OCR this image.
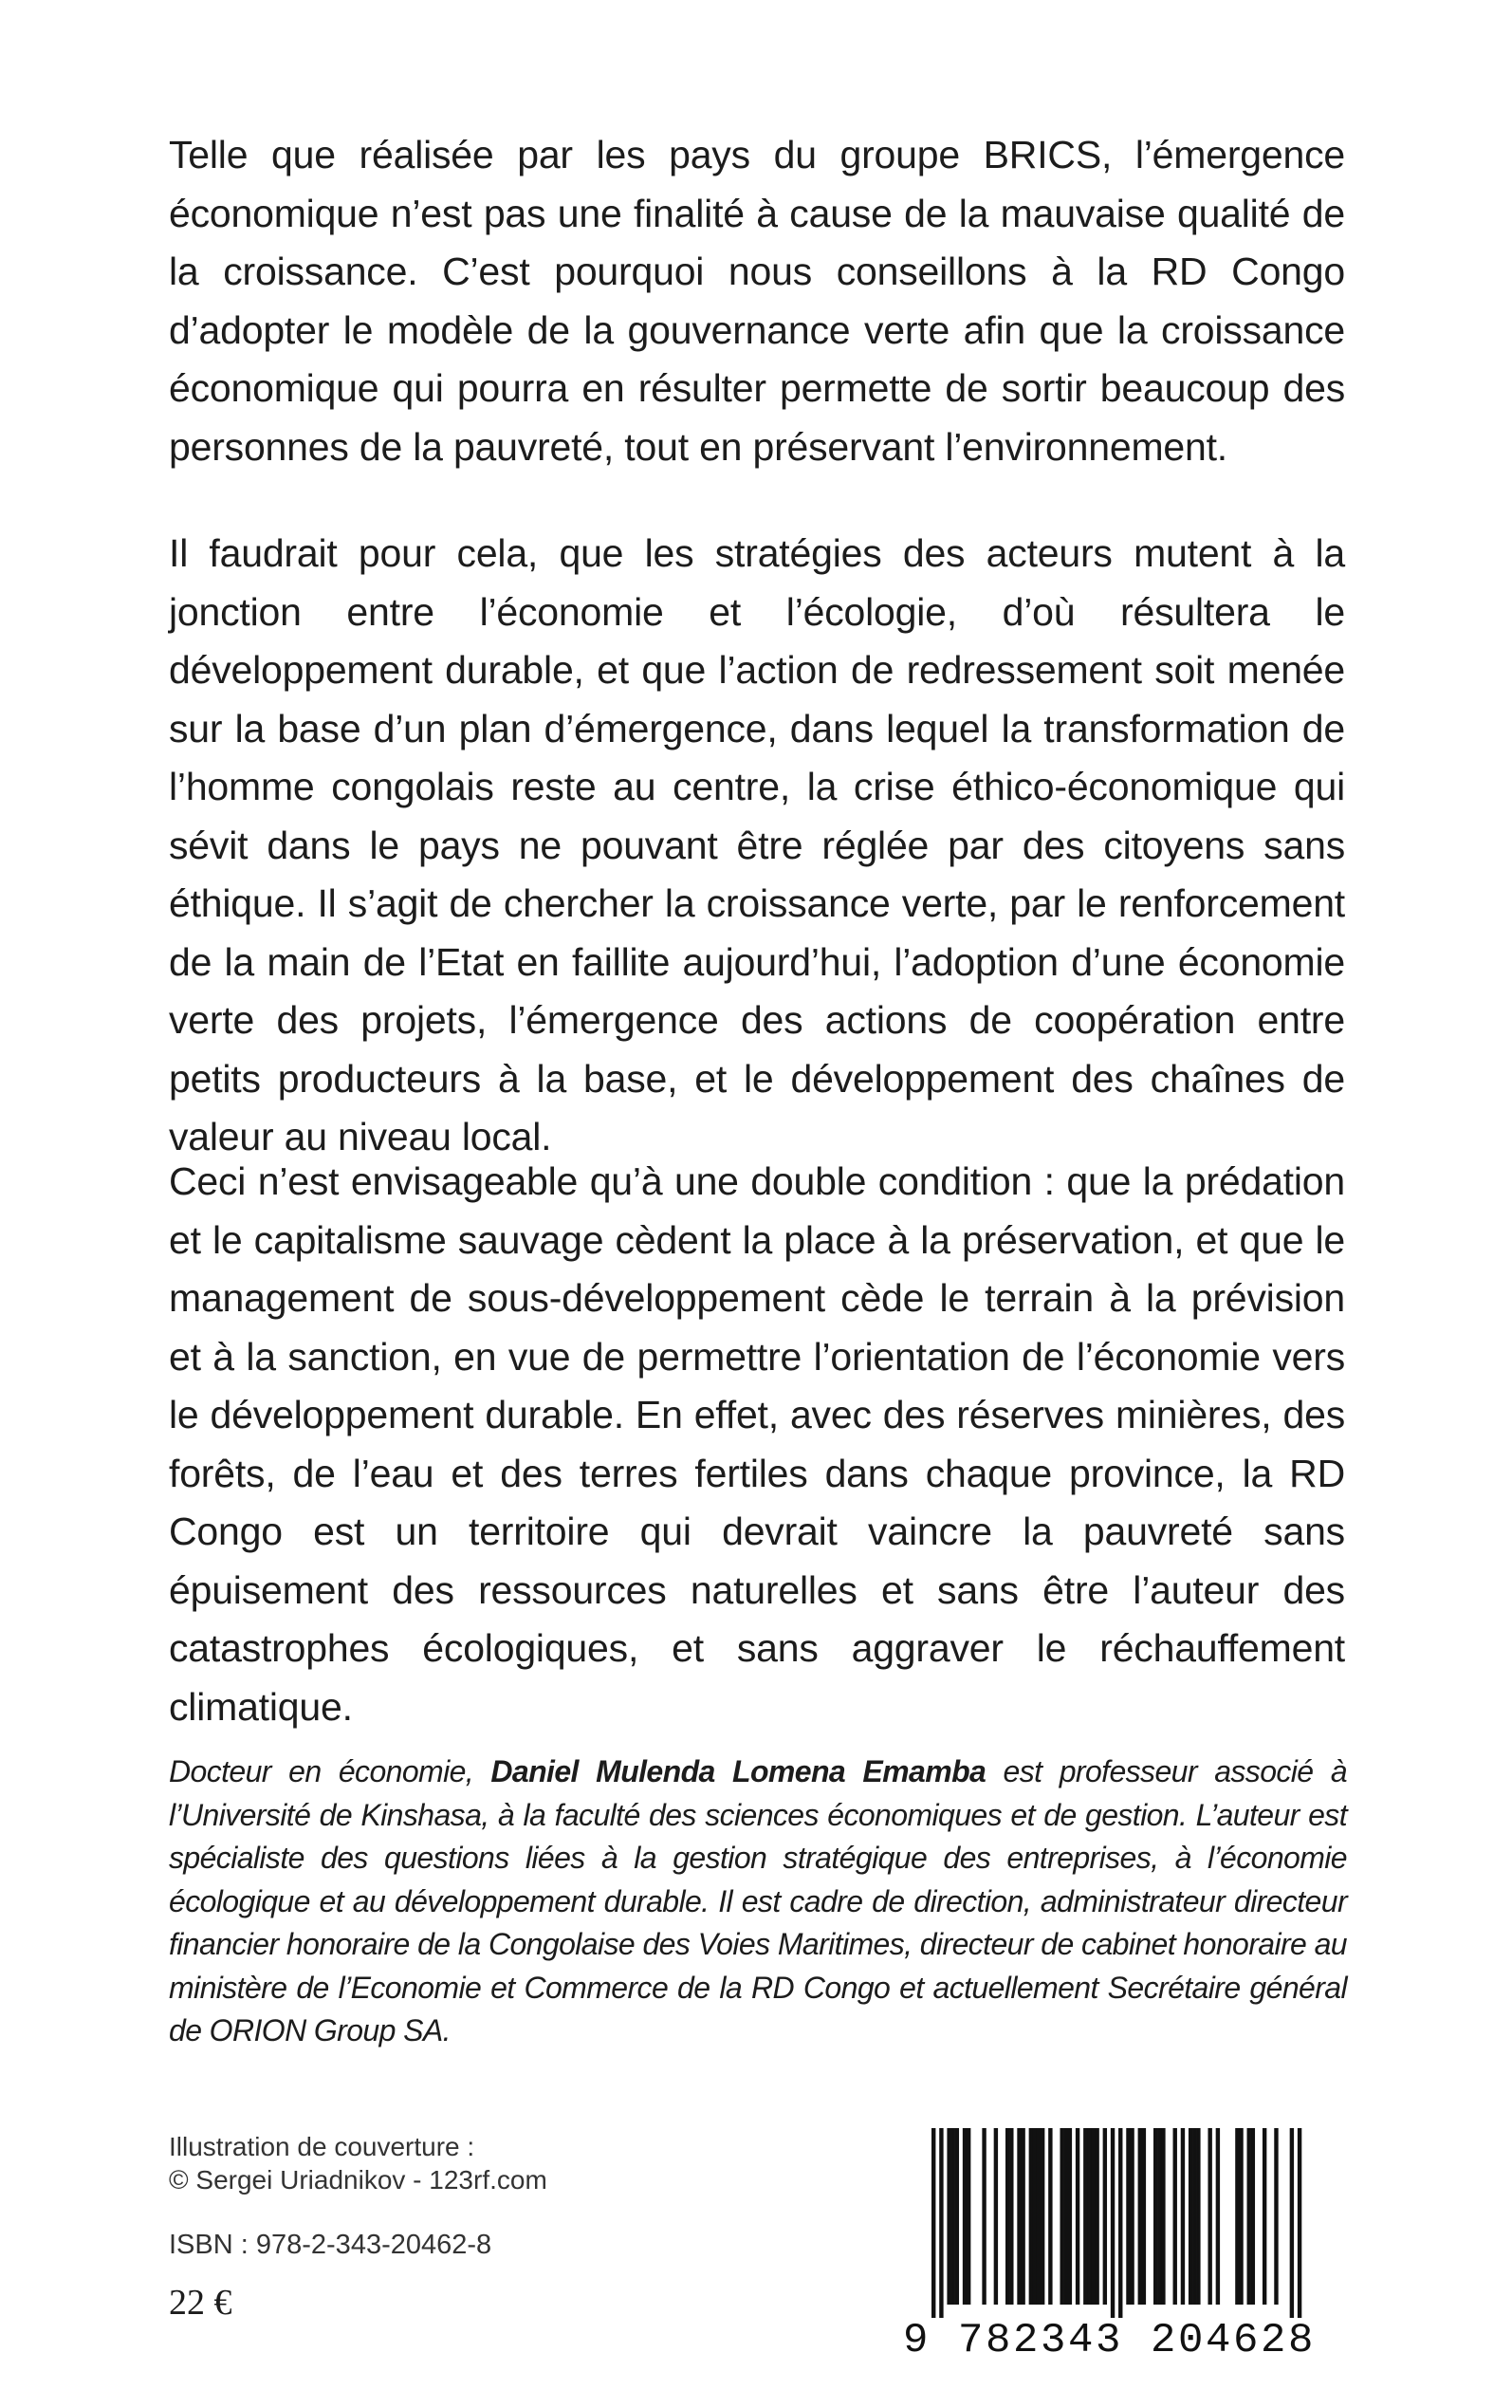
Telle que réalisée par les pays du groupe BRICS, l’émergence économique n’est pas une finalité à cause de la mauvaise qualité de la croissance. C’est pourquoi nous conseillons à la RD Congo d’adopter le modèle de la gouvernance verte afin que la croissance économique qui pourra en résulter permette de sortir beaucoup des personnes de la pauvreté, tout en préservant l’environnement.

Il faudrait pour cela, que les stratégies des acteurs mutent à la jonction entre l’économie et l’écologie, d’où résultera le développement durable, et que l’action de redressement soit menée sur la base d’un plan d’émergence, dans lequel la transformation de l’homme congolais reste au centre, la crise éthico-économique qui sévit dans le pays ne pouvant être réglée par des citoyens sans éthique. Il s’agit de chercher la croissance verte, par le renforcement de la main de l’Etat en faillite aujourd’hui, l’adoption d’une économie verte des projets, l’émergence des actions de coopération entre petits producteurs à la base, et le développement des chaînes de valeur au niveau local.

Ceci n’est envisageable qu’à une double condition : que la prédation et le capitalisme sauvage cèdent la place à la préservation, et que le management de sous-développement cède le terrain à la prévision et à la sanction, en vue de permettre l’orientation de l’économie vers le développement durable. En effet, avec des réserves minières, des forêts, de l’eau et des terres fertiles dans chaque province, la RD Congo est un territoire qui devrait vaincre la pauvreté sans épuisement des ressources naturelles et sans être l’auteur des catastrophes écologiques, et sans aggraver le réchauffement climatique.

Docteur en économie, Daniel Mulenda Lomena Emamba est professeur associé à l’Université de Kinshasa, à la faculté des sciences économiques et de gestion. L’auteur est spécialiste des questions liées à la gestion stratégique des entreprises, à l’économie écologique et au développement durable. Il est cadre de direction, administrateur directeur financier honoraire de la Congolaise des Voies Maritimes, directeur de cabinet honoraire au ministère de l’Economie et Commerce de la RD Congo et actuellement Secrétaire général de ORION Group SA.

Illustration de couverture :
© Sergei Uriadnikov - 123rf.com
ISBN : 978-2-343-20462-8
22 €
9 782343 204628
